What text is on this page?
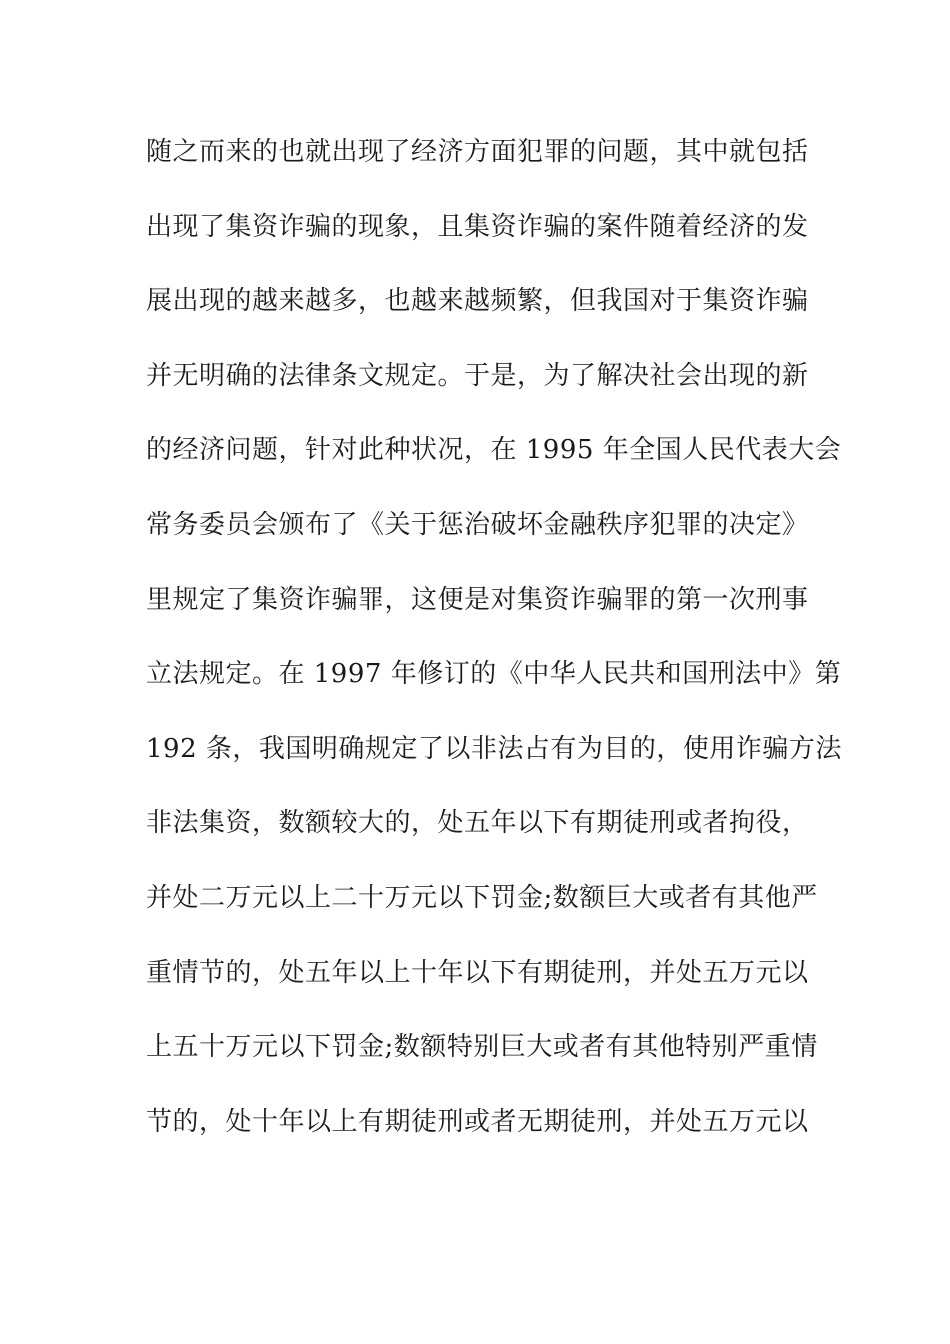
随之而来的也就出现了经济方面犯罪的问题，其中就包括
出现了集资诈骗的现象，且集资诈骗的案件随着经济的发
展出现的越来越多，也越来越频繁，但我国对于集资诈骗
并无明确的法律条文规定。于是，为了解决社会出现的新
的经济问题，针对此种状况，在 1995 年全国人民代表大会
常务委员会颁布了《关于惩治破坏金融秩序犯罪的决定》
里规定了集资诈骗罪，这便是对集资诈骗罪的第一次刑事
立法规定。在 1997 年修订的《中华人民共和国刑法中》第
192 条，我国明确规定了以非法占有为目的，使用诈骗方法
非法集资，数额较大的，处五年以下有期徒刑或者拘役，
并处二万元以上二十万元以下罚金;数额巨大或者有其他严
重情节的，处五年以上十年以下有期徒刑，并处五万元以
上五十万元以下罚金;数额特别巨大或者有其他特别严重情
节的，处十年以上有期徒刑或者无期徒刑，并处五万元以
